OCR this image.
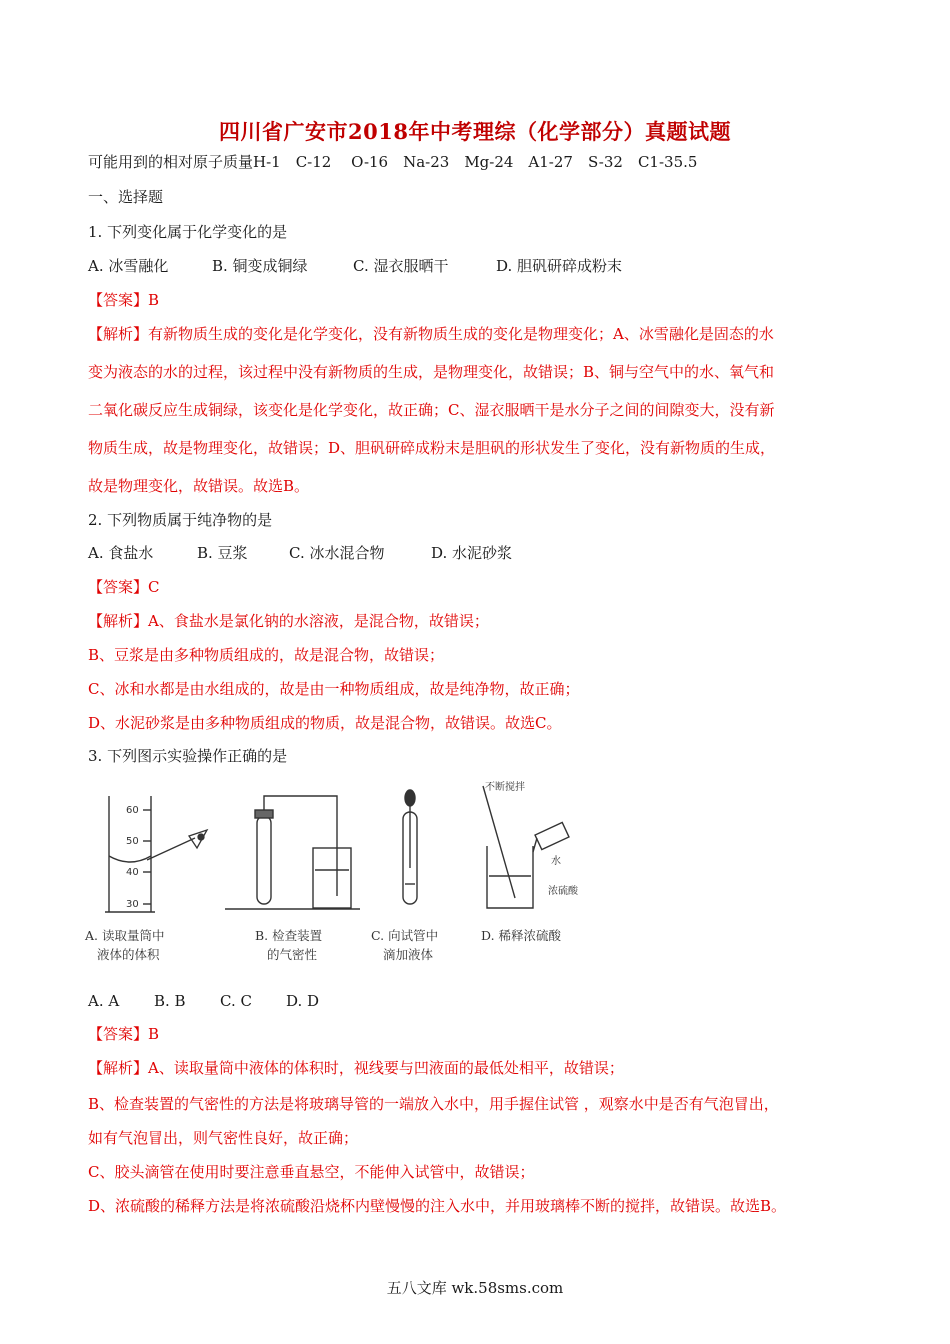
四川省广安市2018年中考理综（化学部分）真题试题
可能用到的相对原子质量H-1　C-12　 O-16　Na-23　Mg-24　A1-27　S-32　C1-35.5
一、选择题
1. 下列变化属于化学变化的是
A. 冰雪融化	B. 铜变成铜绿	C. 湿衣服晒干	D. 胆矾研碎成粉末
【答案】B
【解析】有新物质生成的变化是化学变化，没有新物质生成的变化是物理变化；A、冰雪融化是固态的水
变为液态的水的过程，该过程中没有新物质的生成，是物理变化，故错误；B、铜与空气中的水、氧气和
二氧化碳反应生成铜绿，该变化是化学变化，故正确；C、湿衣服晒干是水分子之间的间隙变大，没有新
物质生成，故是物理变化，故错误；D、胆矾研碎成粉末是胆矾的形状发生了变化，没有新物质的生成，
故是物理变化，故错误。故选B。
2. 下列物质属于纯净物的是
A. 食盐水	B. 豆浆	C. 冰水混合物	D. 水泥砂浆
【答案】C
【解析】A、食盐水是氯化钠的水溶液，是混合物，故错误；
B、豆浆是由多种物质组成的，故是混合物，故错误；
C、冰和水都是由水组成的，故是由一种物质组成，故是纯净物，故正确；
D、水泥砂浆是由多种物质组成的物质，故是混合物，故错误。故选C。
3. 下列图示实验操作正确的是
60
50
40
30
不断搅拌
水
浓硫酸
A. 读取量筒中
液体的体积
B. 检查装置
的气密性
C. 向试管中
滴加液体
D. 稀释浓硫酸
A. A B. B C. C D. D
【答案】B
【解析】A、读取量筒中液体的体积时，视线要与凹液面的最低处相平，故错误；
B、检查装置的气密性的方法是将玻璃导管的一端放入水中，用手握住试管 ，观察水中是否有气泡冒出，
如有气泡冒出，则气密性良好，故正确；
C、胶头滴管在使用时要注意垂直悬空，不能伸入试管中，故错误；
D、浓硫酸的稀释方法是将浓硫酸沿烧杯内壁慢慢的注入水中，并用玻璃棒不断的搅拌，故错误。故选B。
五八文库 wk.58sms.com
